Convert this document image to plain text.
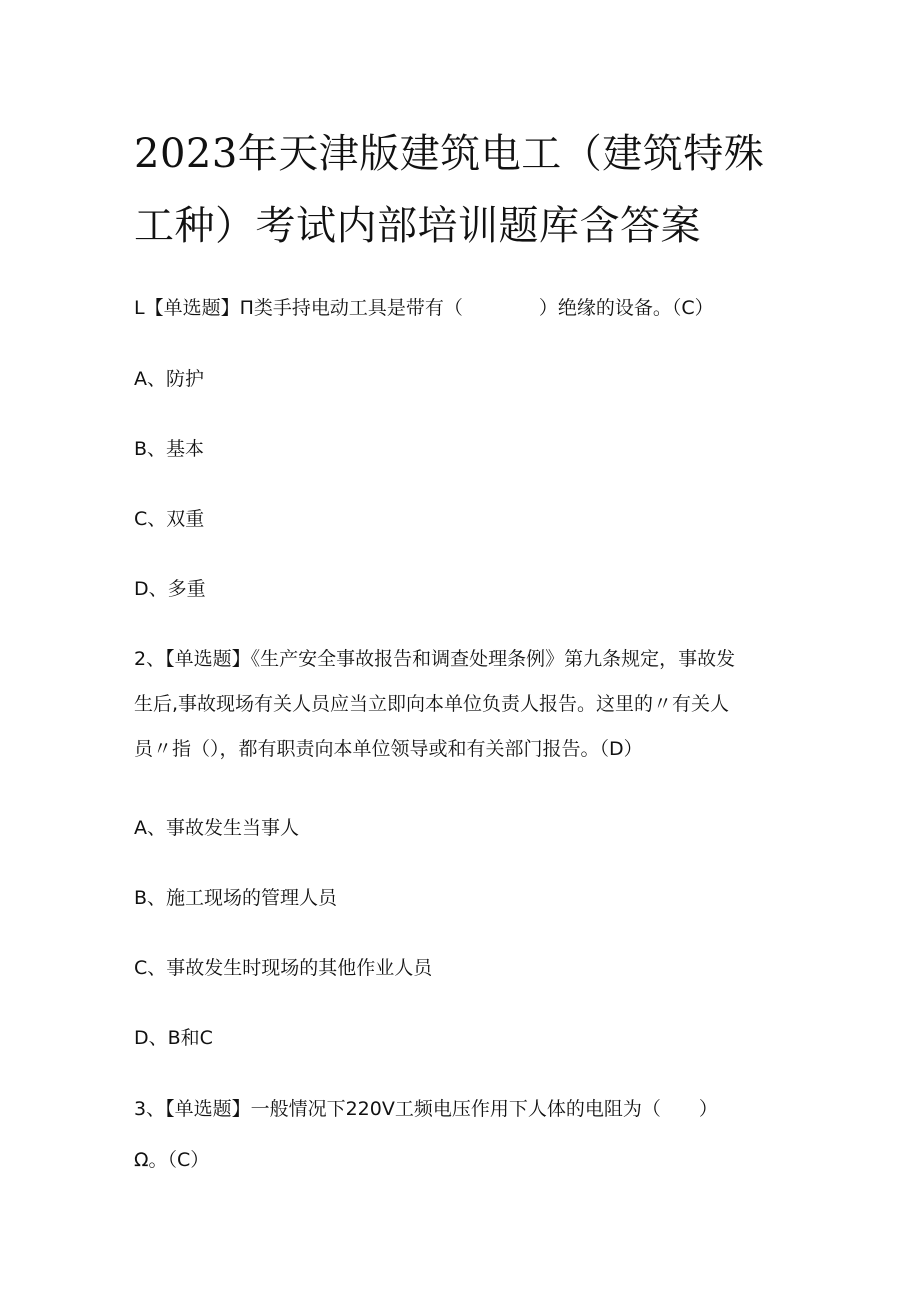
2023年天津版建筑电工（建筑特殊
工种）考试内部培训题库含答案

L【单选题】П类手持电动工具是带有（　　　　）绝缘的设备。（C）

A、防护

B、基本

C、双重

D、多重

2、【单选题】《生产安全事故报告和调查处理条例》第九条规定，事故发
生后,事故现场有关人员应当立即向本单位负责人报告。这里的〃有关人
员〃指（），都有职责向本单位领导或和有关部门报告。（D）

A、事故发生当事人

B、施工现场的管理人员

C、事故发生时现场的其他作业人员

D、B和C

3、【单选题】一般情况下220V工频电压作用下人体的电阻为（　　）

Ω。（C）
